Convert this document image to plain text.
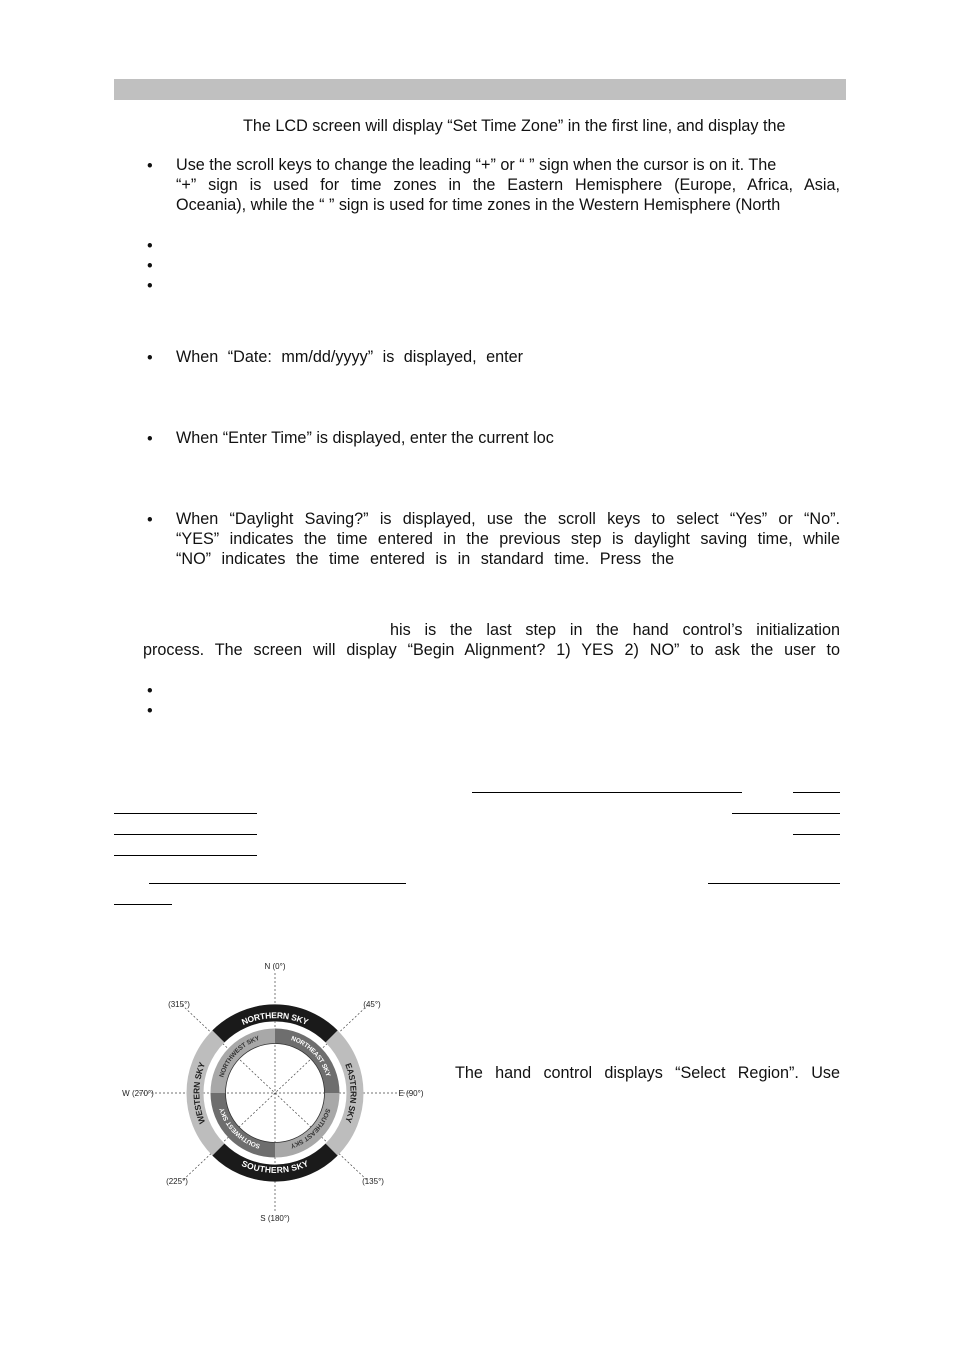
The LCD screen will display “Set Time Zone” in the first line, and display the
• Use the scroll keys to change the leading “+” or “ ” sign when the cursor is on it. The
“+” sign is used for time zones in the Eastern Hemisphere (Europe, Africa, Asia,
Oceania), while the “ ” sign is used for time zones in the Western Hemisphere (North
•
•
•
• When “Date: mm/dd/yyyy” is displayed, enter
• When “Enter Time” is displayed, enter the current loc
• When “Daylight Saving?” is displayed, use the scroll keys to select “Yes” or “No”.
“YES” indicates the time entered in the previous step is daylight saving time, while
“NO” indicates the time entered is in standard time. Press the
his is the last step in the hand control’s initialization
process. The screen will display “Begin Alignment? 1) YES 2) NO” to ask the user to
•
•
NORTHERN SKY
EASTERN SKY
SOUTHERN SKY
WESTERN SKY
NORTHEAST SKY
SOUTHEAST SKY
SOUTHWEST SKY
NORTHWEST SKY
N (0°)
E (90°)
S (180°)
W (270°)
(45°)
(135°)
(225°)
(315°)
The hand control displays “Select Region”. Use
